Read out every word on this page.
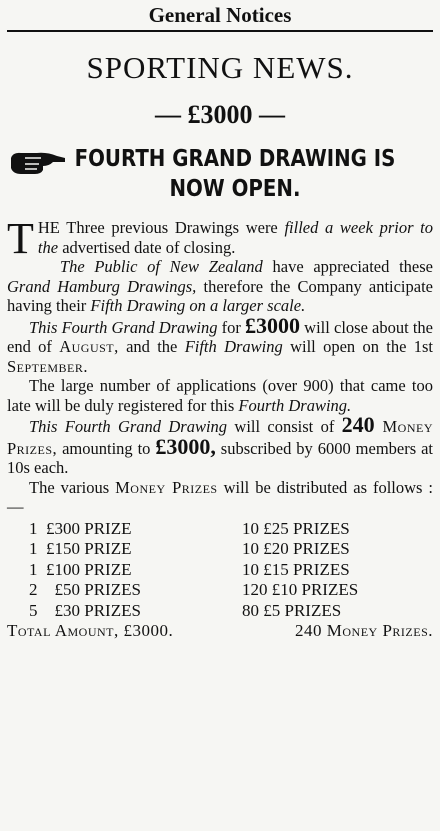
General Notices
SPORTING NEWS.
— £3000 —
FOURTH GRAND DRAWING IS
NOW OPEN.

THE Three previous Drawings were filled a week prior to the advertised date of closing.

The Public of New Zealand have appreciated these Grand Hamburg Drawings, therefore the Company anticipate having their Fifth Drawing on a larger scale.

This Fourth Grand Drawing for £3000 will close about the end of August, and the Fifth Drawing will open on the 1st September.

The large number of applications (over 900) that came too late will be duly registered for this Fourth Drawing.

This Fourth Grand Drawing will consist of 240 Money Prizes, amounting to £3000, subscribed by 6000 members at 10s each.

The various Money Prizes will be distributed as follows :—

1  £300 PRIZE
1  £150 PRIZE
1  £100 PRIZE
2    £50 PRIZES
5    £30 PRIZES
10 £25 PRIZES
10 £20 PRIZES
10 £15 PRIZES
120 £10 PRIZES
80 £5 PRIZES
Total Amount, £3000.	240 Money Prizes.
